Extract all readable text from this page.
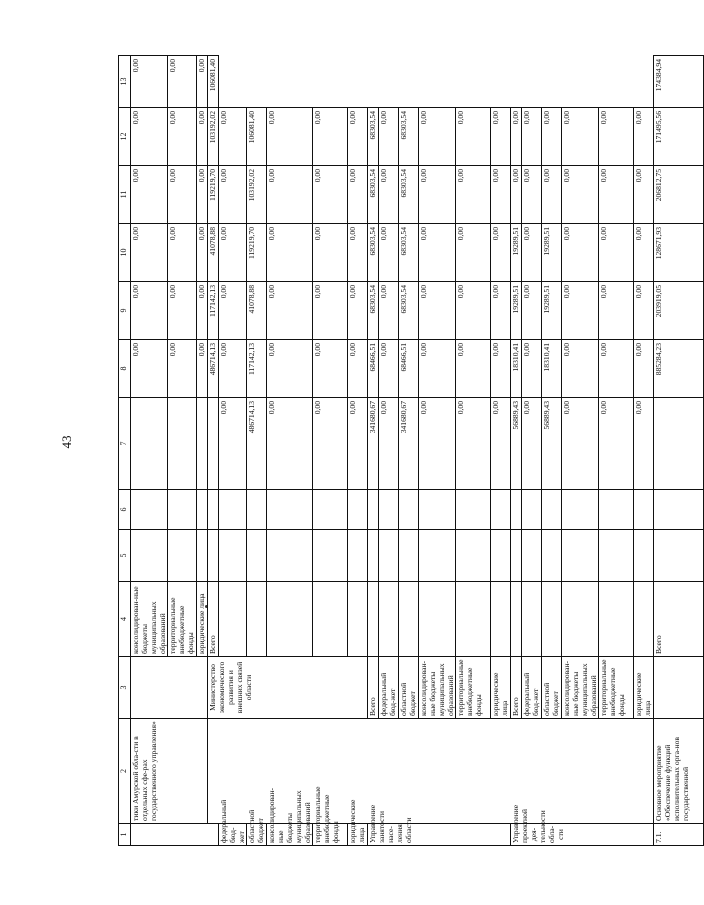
43
1	2	3	4	5	6	7	8	9	10	11	12	13
	тики Амурской обла-сти в отдельных сфе-рах государственного управления»		консолидирован-ные бюджеты муниципальных образований				0,00	0,00	0,00	0,00	0,00	0,00
			территориальные внебюджетные фонды				0,00	0,00	0,00	0,00	0,00	0,00
			юридические лица				0,00	0,00	0,00	0,00	0,00	0,00
		Министерство экономического развития и внешних связей области	Всего				486714,13	117142,13	41078,88	119219,70	103192,02	106081,40
федеральный бюд-жет						0,00	0,00	0,00	0,00	0,00	0,00	
областной бюджет						486714,13	117142,13	41078,88	119219,70	103192,02	106081,40	
консолидирован-ные бюджеты муниципальных образований						0,00	0,00	0,00	0,00	0,00	0,00	
территориальные внебюджетные фонды						0,00	0,00	0,00	0,00	0,00	0,00	
юридические лица						0,00	0,00	0,00	0,00	0,00	0,00	
Управление занятости насе-ления области		Всего				341680,67	68466,51	68303,54	68303,54	68303,54	68303,54	
		федеральный бюд-жет				0,00	0,00	0,00	0,00	0,00	0,00	
		областной бюджет				341680,67	68466,51	68303,54	68303,54	68303,54	68303,54	
		консолидирован-ные бюджеты муниципальных образований				0,00	0,00	0,00	0,00	0,00	0,00	
		территориальные внебюджетные фонды				0,00	0,00	0,00	0,00	0,00	0,00	
		юридические лица				0,00	0,00	0,00	0,00	0,00	0,00	
Управление проектной дея-тельности обла-сти		Всего				56889,43	18310,41	19289,51	19289,51	0,00	0,00	
		федеральный бюд-жет				0,00	0,00	0,00	0,00	0,00	0,00	
		областной бюджет				56889,43	18310,41	19289,51	19289,51	0,00	0,00	
		консолидирован-ные бюджеты муниципальных образований				0,00	0,00	0,00	0,00	0,00	0,00	
		территориальные внебюджетные фонды				0,00	0,00	0,00	0,00	0,00	0,00	
		юридические лица				0,00	0,00	0,00	0,00	0,00	0,00	
7.1.	Основное мероприятие «Обеспечение функций исполнительных орга-нов государственной		Всего				885284,23	203919,05	128671,93	206812,75	171495,56	174384,94
